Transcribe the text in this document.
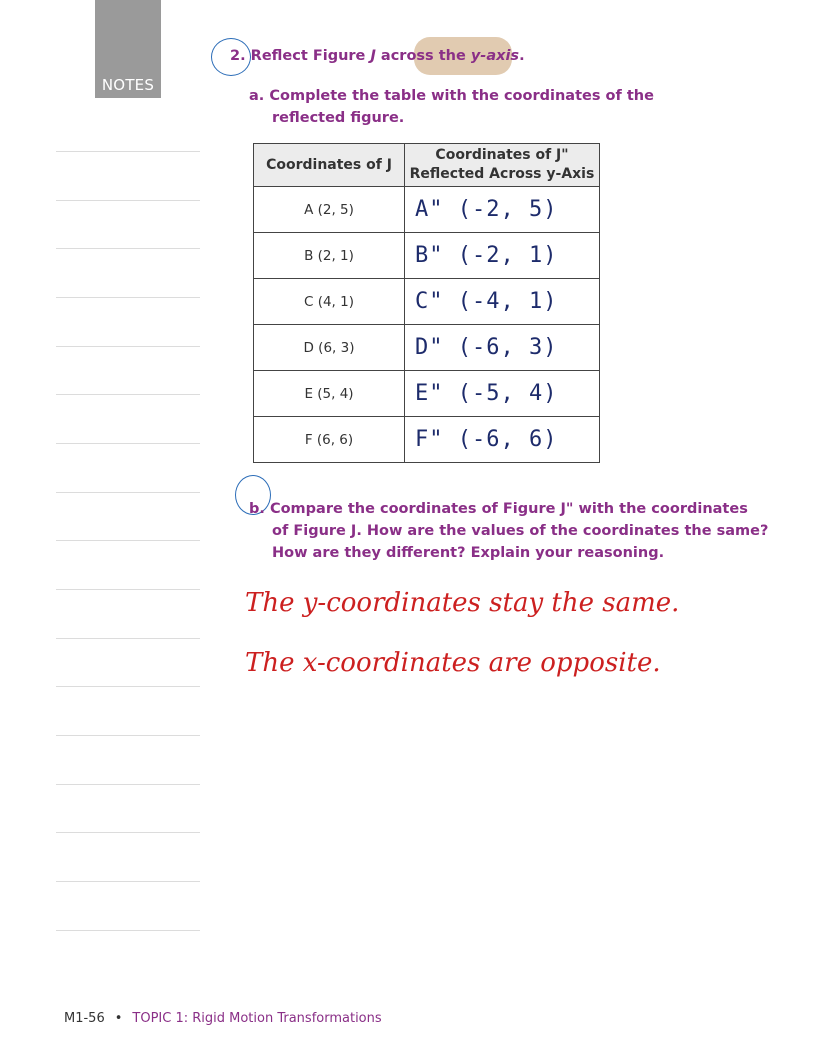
NOTES
2. Reflect Figure J across the y-axis.
a. Complete the table with the coordinates of the
reflected figure.
Coordinates of J	Coordinates of J"
Reflected Across y-Axis

A (2, 5)	A" (-2, 5)
B (2, 1)	B" (-2, 1)
C (4, 1)	C" (-4, 1)
D (6, 3)	D" (-6, 3)
E (5, 4)	E" (-5, 4)
F (6, 6)	F" (-6, 6)
b. Compare the coordinates of Figure J" with the coordinates
of Figure J. How are the values of the coordinates the same?
How are they different? Explain your reasoning.
The y-coordinates stay the same.
The x-coordinates are opposite.
M1-56 • TOPIC 1: Rigid Motion Transformations
